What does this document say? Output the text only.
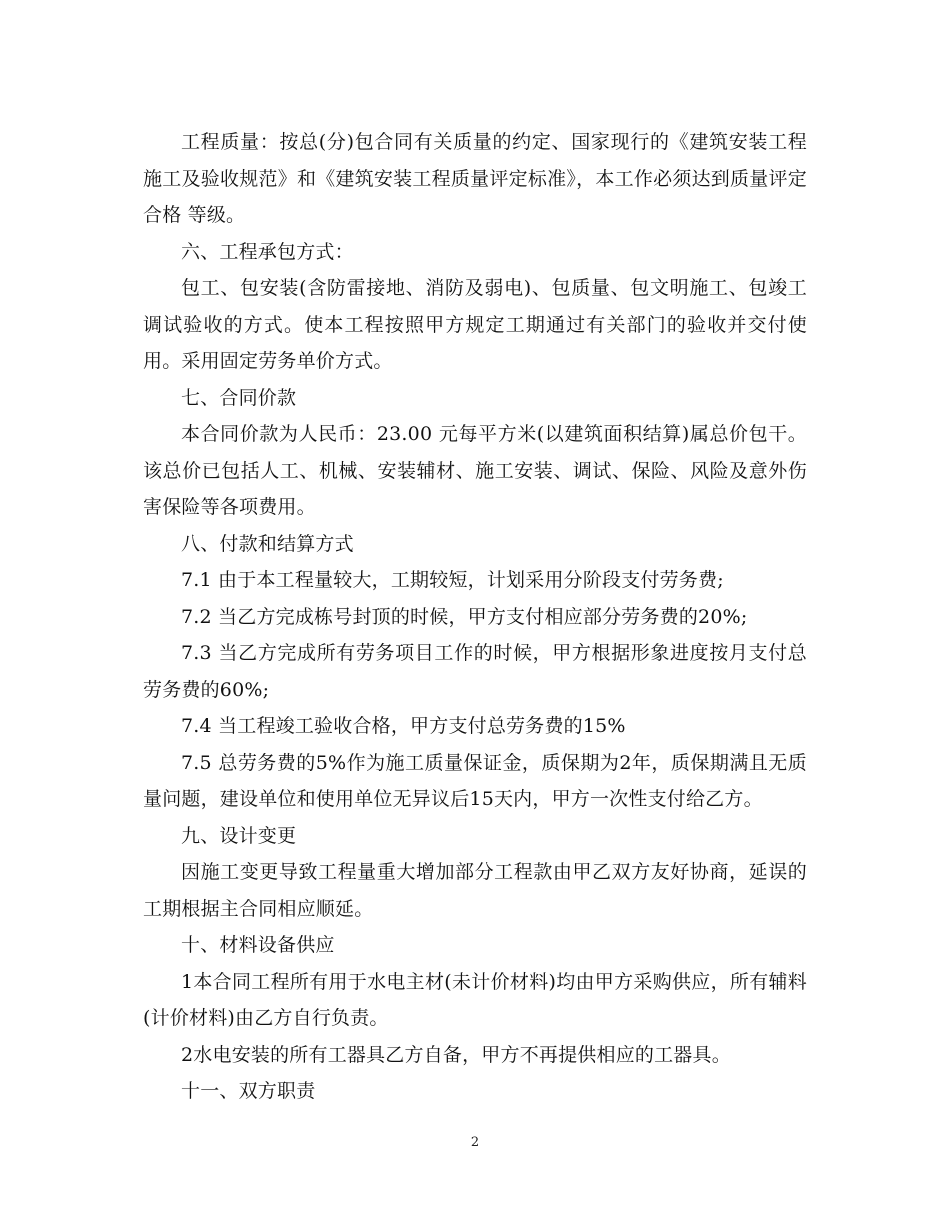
工程质量：按总(分)包合同有关质量的约定、国家现行的《建筑安装工程施工及验收规范》和《建筑安装工程质量评定标准》，本工作必须达到质量评定 合格 等级。

六、工程承包方式：

包工、包安装(含防雷接地、消防及弱电)、包质量、包文明施工、包竣工调试验收的方式。使本工程按照甲方规定工期通过有关部门的验收并交付使用。采用固定劳务单价方式。

七、合同价款

本合同价款为人民币：23.00 元每平方米(以建筑面积结算)属总价包干。该总价已包括人工、机械、安装辅材、施工安装、调试、保险、风险及意外伤害保险等各项费用。

八、付款和结算方式

7.1 由于本工程量较大，工期较短，计划采用分阶段支付劳务费;

7.2 当乙方完成栋号封顶的时候，甲方支付相应部分劳务费的20%;

7.3 当乙方完成所有劳务项目工作的时候，甲方根据形象进度按月支付总劳务费的60%;

7.4 当工程竣工验收合格，甲方支付总劳务费的15%

7.5 总劳务费的5%作为施工质量保证金，质保期为2年，质保期满且无质量问题，建设单位和使用单位无异议后15天内，甲方一次性支付给乙方。

九、设计变更

因施工变更导致工程量重大增加部分工程款由甲乙双方友好协商，延误的工期根据主合同相应顺延。

十、材料设备供应

1本合同工程所有用于水电主材(未计价材料)均由甲方采购供应，所有辅料(计价材料)由乙方自行负责。

2水电安装的所有工器具乙方自备，甲方不再提供相应的工器具。

十一、双方职责

2
